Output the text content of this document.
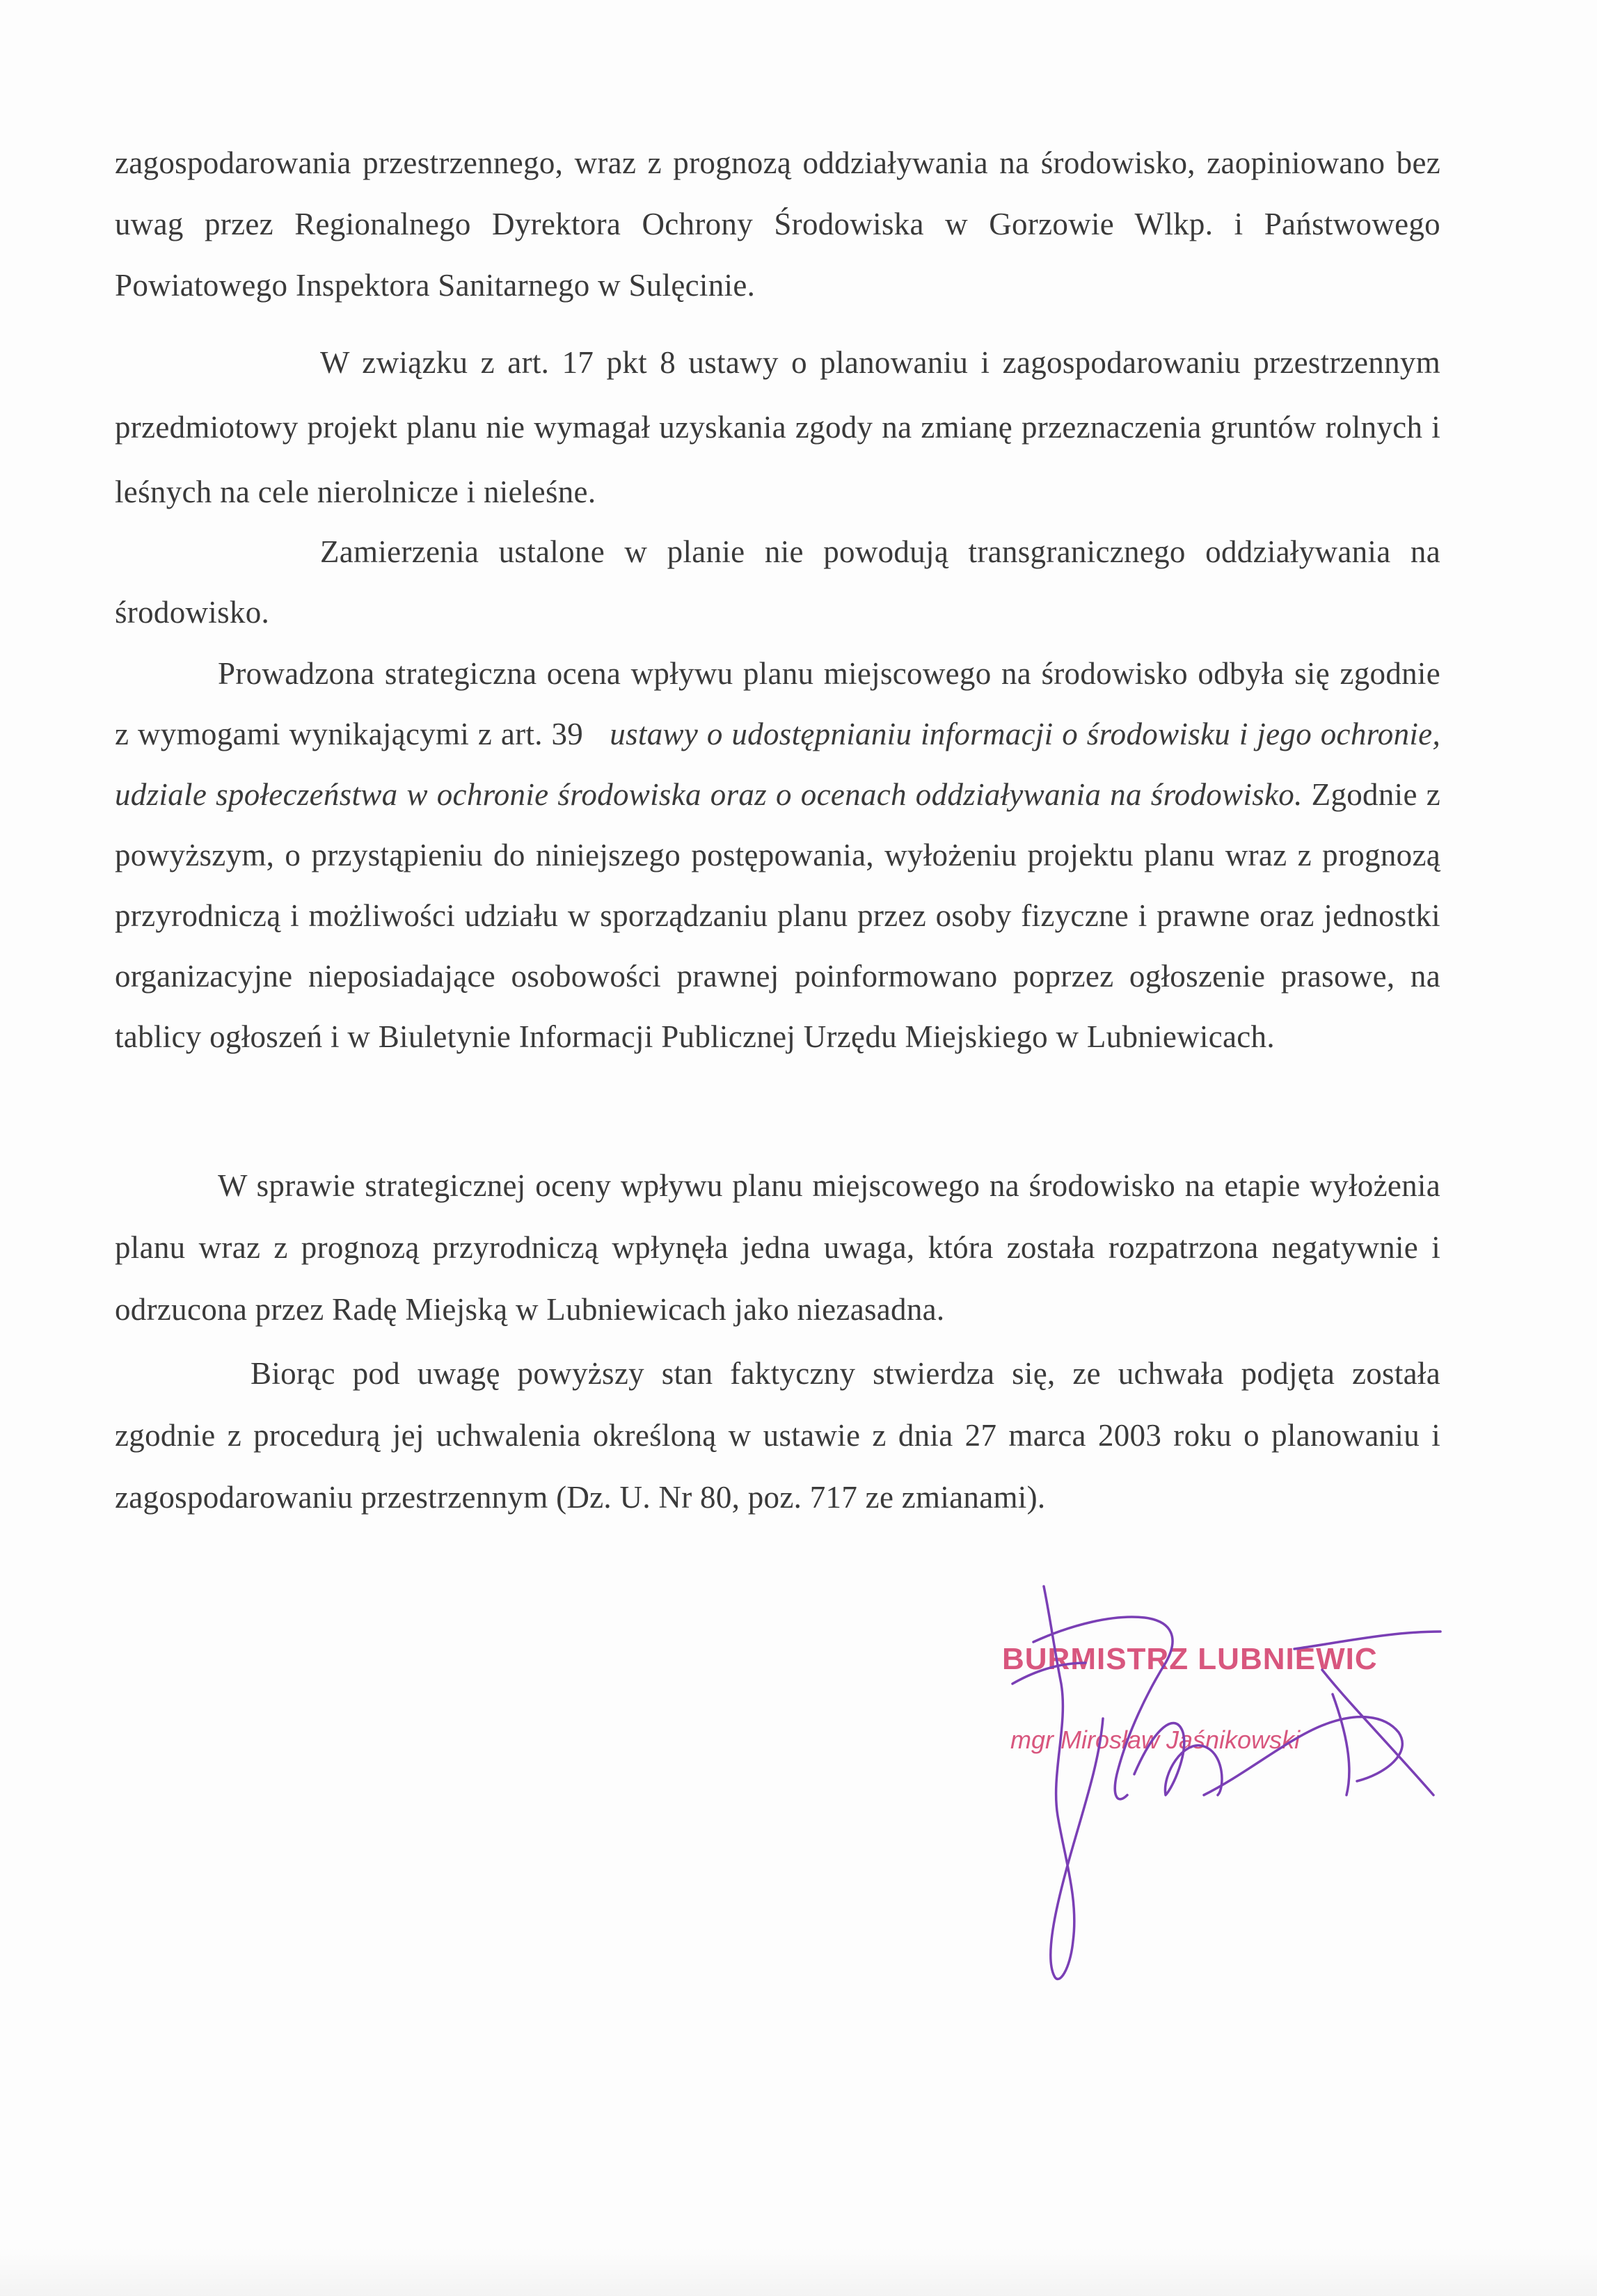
zagospodarowania przestrzennego, wraz z prognozą oddziaływania na środowisko, zaopiniowano bez uwag przez Regionalnego Dyrektora Ochrony Środowiska w Gorzowie Wlkp. i Państwowego Powiatowego Inspektora Sanitarnego w Sulęcinie.

W związku z art. 17 pkt 8 ustawy o planowaniu i zagospodarowaniu przestrzennym przedmiotowy projekt planu nie wymagał uzyskania zgody na zmianę przeznaczenia gruntów rolnych i leśnych na cele nierolnicze i nieleśne.

Zamierzenia ustalone w planie nie powodują transgranicznego oddziaływania na środowisko.

Prowadzona strategiczna ocena wpływu planu miejscowego na środowisko odbyła się zgodnie z wymogami wynikającymi z art. 39 ustawy o udostępnianiu informacji o środowisku i jego ochronie, udziale społeczeństwa w ochronie środowiska oraz o ocenach oddziaływania na środowisko. Zgodnie z powyższym, o przystąpieniu do niniejszego postępowania, wyłożeniu projektu planu wraz z prognozą przyrodniczą i możliwości udziału w sporządzaniu planu przez osoby fizyczne i prawne oraz jednostki organizacyjne nieposiadające osobowości prawnej poinformowano poprzez ogłoszenie prasowe, na tablicy ogłoszeń i w Biuletynie Informacji Publicznej Urzędu Miejskiego w Lubniewicach.

W sprawie strategicznej oceny wpływu planu miejscowego na środowisko na etapie wyłożenia planu wraz z prognozą przyrodniczą wpłynęła jedna uwaga, która została rozpatrzona negatywnie i odrzucona przez Radę Miejską w Lubniewicach jako niezasadna.

Biorąc pod uwagę powyższy stan faktyczny stwierdza się, ze uchwała podjęta została zgodnie z procedurą jej uchwalenia określoną w ustawie z dnia 27 marca 2003 roku o planowaniu i zagospodarowaniu przestrzennym (Dz. U. Nr 80, poz. 717 ze zmianami).

BURMISTRZ LUBNIEWIC
mgr Mirosław Jaśnikowski
